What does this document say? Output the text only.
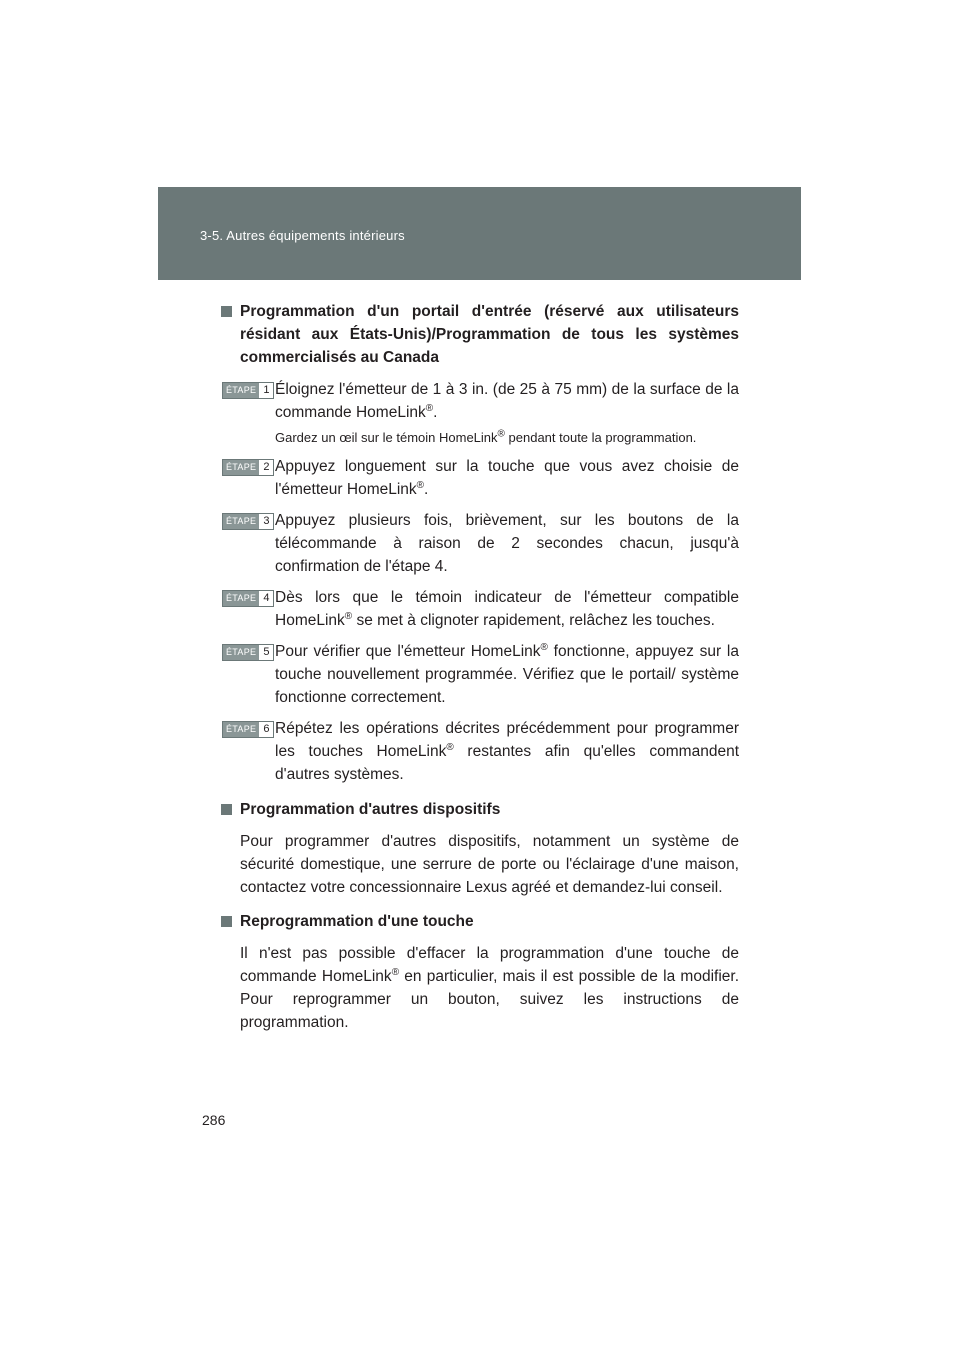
3-5. Autres équipements intérieurs
Programmation d'un portail d'entrée (réservé aux utilisateurs résidant aux États-Unis)/Programmation de tous les systèmes commercialisés au Canada
ÉTAPE 1 Éloignez l'émetteur de 1 à 3 in. (de 25 à 75 mm) de la surface de la commande HomeLink®.
Gardez un œil sur le témoin HomeLink® pendant toute la programmation.
ÉTAPE 2 Appuyez longuement sur la touche que vous avez choisie de l'émetteur HomeLink®.
ÉTAPE 3 Appuyez plusieurs fois, brièvement, sur les boutons de la télécommande à raison de 2 secondes chacun, jusqu'à confirmation de l'étape 4.
ÉTAPE 4 Dès lors que le témoin indicateur de l'émetteur compatible HomeLink® se met à clignoter rapidement, relâchez les touches.
ÉTAPE 5 Pour vérifier que l'émetteur HomeLink® fonctionne, appuyez sur la touche nouvellement programmée. Vérifiez que le portail/ système fonctionne correctement.
ÉTAPE 6 Répétez les opérations décrites précédemment pour programmer les touches HomeLink® restantes afin qu'elles commandent d'autres systèmes.
Programmation d'autres dispositifs
Pour programmer d'autres dispositifs, notamment un système de sécurité domestique, une serrure de porte ou l'éclairage d'une maison, contactez votre concessionnaire Lexus agréé et demandez-lui conseil.
Reprogrammation d'une touche
Il n'est pas possible d'effacer la programmation d'une touche de commande HomeLink® en particulier, mais il est possible de la modifier. Pour reprogrammer un bouton, suivez les instructions de programmation.
286
